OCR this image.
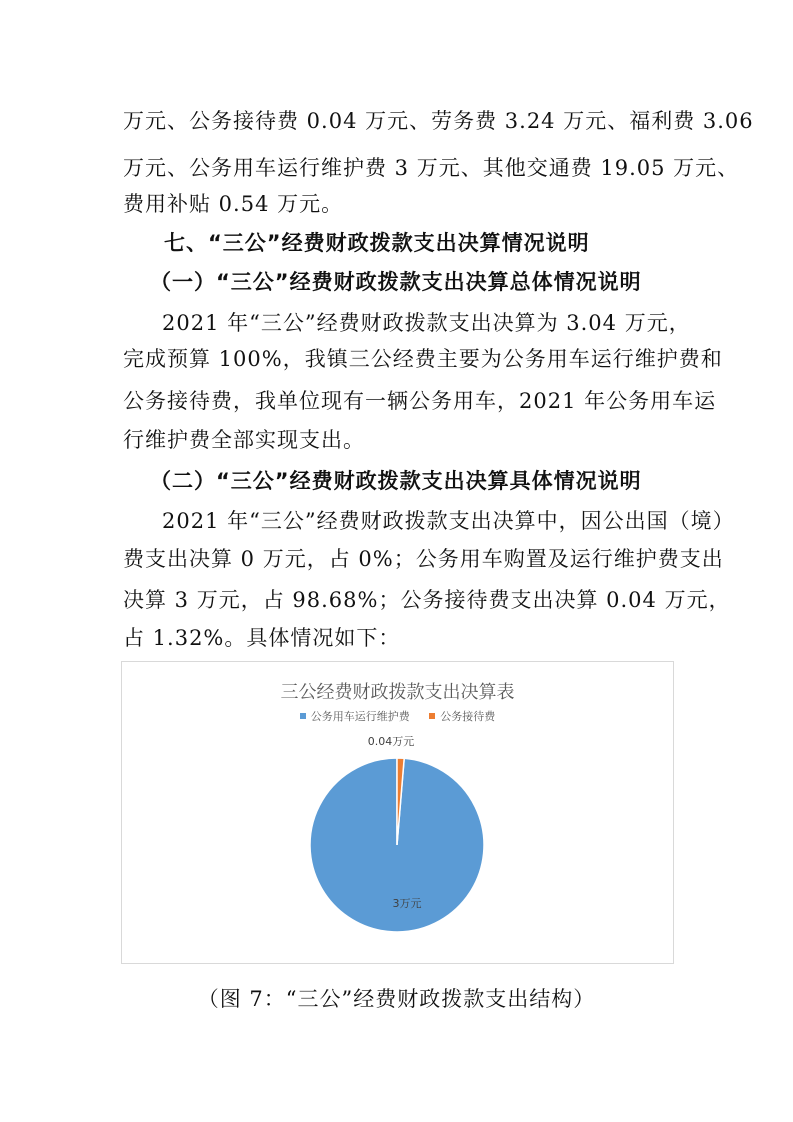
万元、公务接待费 0.04 万元、劳务费 3.24 万元、福利费 3.06
万元、公务用车运行维护费 3 万元、其他交通费 19.05 万元、
费用补贴 0.54 万元。
七、“三公”经费财政拨款支出决算情况说明
（一）“三公”经费财政拨款支出决算总体情况说明
2021 年“三公”经费财政拨款支出决算为 3.04 万元，
完成预算 100%，我镇三公经费主要为公务用车运行维护费和
公务接待费，我单位现有一辆公务用车，2021 年公务用车运
行维护费全部实现支出。
（二）“三公”经费财政拨款支出决算具体情况说明
2021 年“三公”经费财政拨款支出决算中，因公出国（境）
费支出决算 0 万元，占 0%；公务用车购置及运行维护费支出
决算 3 万元，占 98.68%；公务接待费支出决算 0.04 万元，
占 1.32%。具体情况如下：
三公经费财政拨款支出决算表
公务用车运行维护费
	公务接待费
3万元
0.04万元
（图 7：“三公”经费财政拨款支出结构）
